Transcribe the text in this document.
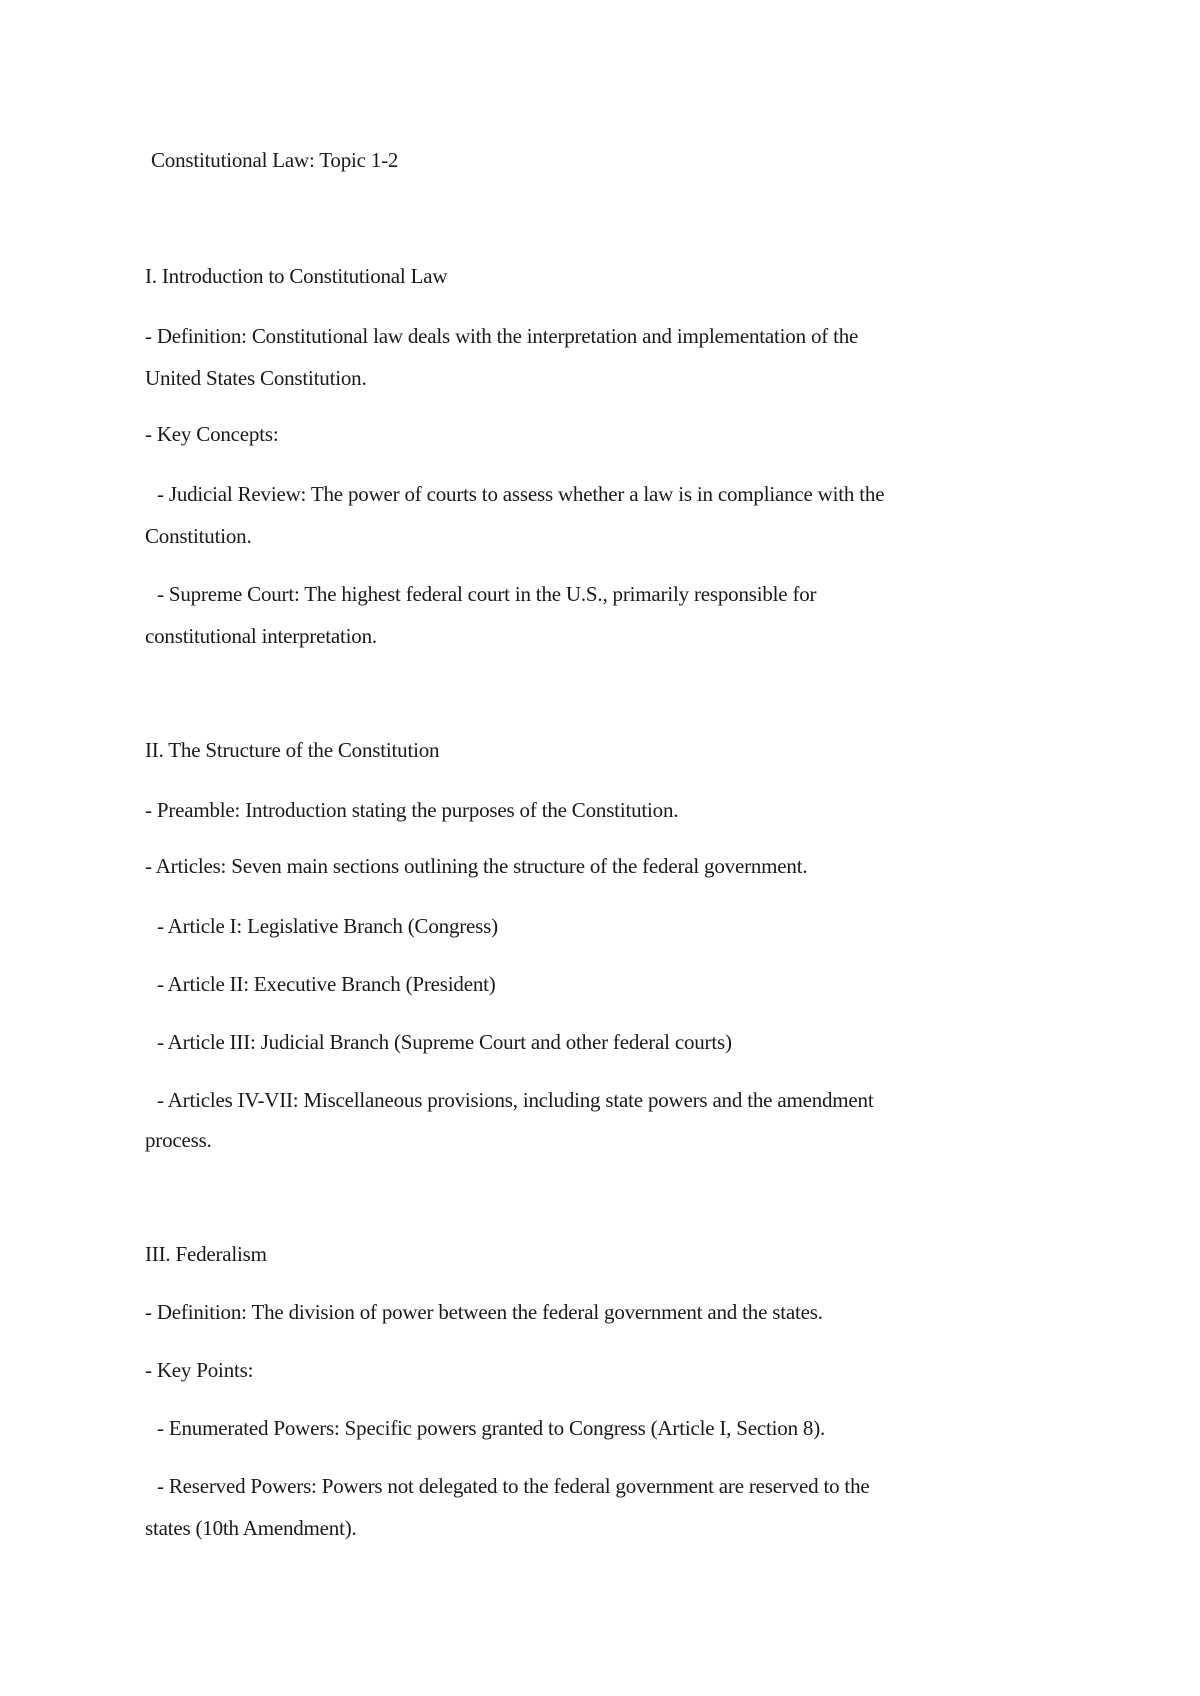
Constitutional Law: Topic 1-2
I. Introduction to Constitutional Law
- Definition: Constitutional law deals with the interpretation and implementation of the
United States Constitution.
- Key Concepts:
- Judicial Review: The power of courts to assess whether a law is in compliance with the
Constitution.
- Supreme Court: The highest federal court in the U.S., primarily responsible for
constitutional interpretation.
II. The Structure of the Constitution
- Preamble: Introduction stating the purposes of the Constitution.
- Articles: Seven main sections outlining the structure of the federal government.
- Article I: Legislative Branch (Congress)
- Article II: Executive Branch (President)
- Article III: Judicial Branch (Supreme Court and other federal courts)
- Articles IV-VII: Miscellaneous provisions, including state powers and the amendment
process.
III. Federalism
- Definition: The division of power between the federal government and the states.
- Key Points:
- Enumerated Powers: Specific powers granted to Congress (Article I, Section 8).
- Reserved Powers: Powers not delegated to the federal government are reserved to the
states (10th Amendment).
